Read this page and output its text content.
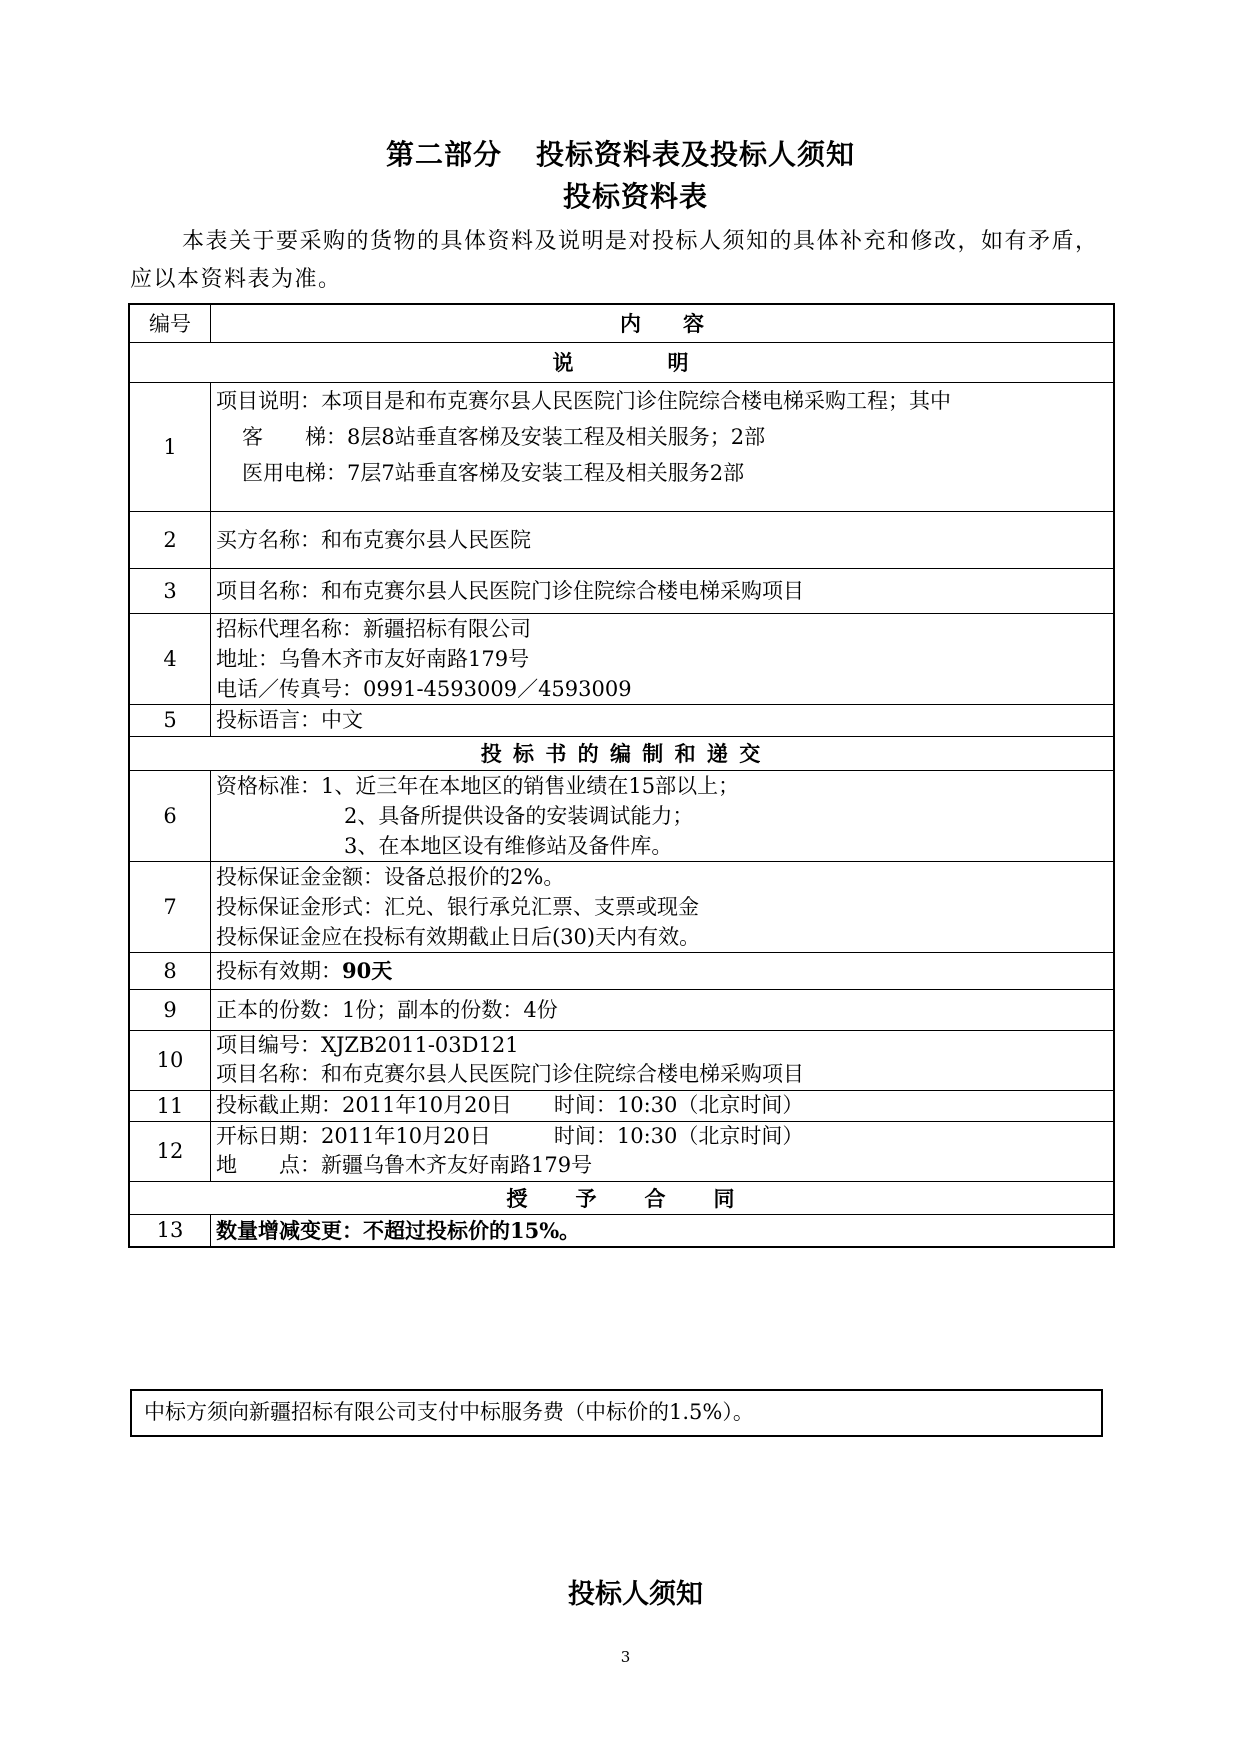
第二部分 投标资料表及投标人须知
投标资料表
本表关于要采购的货物的具体资料及说明是对投标人须知的具体补充和修改，如有矛盾，应以本资料表为准。
编号	内　　容
说　　　　明	
1	项目说明：本项目是和布克赛尔县人民医院门诊住院综合楼电梯采购工程；其中
客　　梯：8层8站垂直客梯及安装工程及相关服务；2部
医用电梯：7层7站垂直客梯及安装工程及相关服务2部

2	买方名称：和布克赛尔县人民医院

3	项目名称：和布克赛尔县人民医院门诊住院综合楼电梯采购项目

4	招标代理名称：新疆招标有限公司
地址：乌鲁木齐市友好南路179号
电话／传真号：0991-4593009／4593009

5	投标语言：中文

投 标 书 的 编 制 和 递 交	
6	资格标准：1、近三年在本地区的销售业绩在15部以上；
2、具备所提供设备的安装调试能力；
3、在本地区设有维修站及备件库。

7	投标保证金金额：设备总报价的2%。
投标保证金形式：汇兑、银行承兑汇票、支票或现金
投标保证金应在投标有效期截止日后(30)天内有效。

8	投标有效期：90天

9	正本的份数：1份；副本的份数：4份

10	项目编号：XJZB2011-03D121
项目名称：和布克赛尔县人民医院门诊住院综合楼电梯采购项目

11	投标截止期：2011年10月20日　　时间：10:30（北京时间）

12	开标日期：2011年10月20日　　　时间：10:30（北京时间）
地　　点：新疆乌鲁木齐友好南路179号

授　　予　　合　　同	
13	数量增减变更：不超过投标价的15%。
中标方须向新疆招标有限公司支付中标服务费（中标价的1.5%）。
投标人须知
3
